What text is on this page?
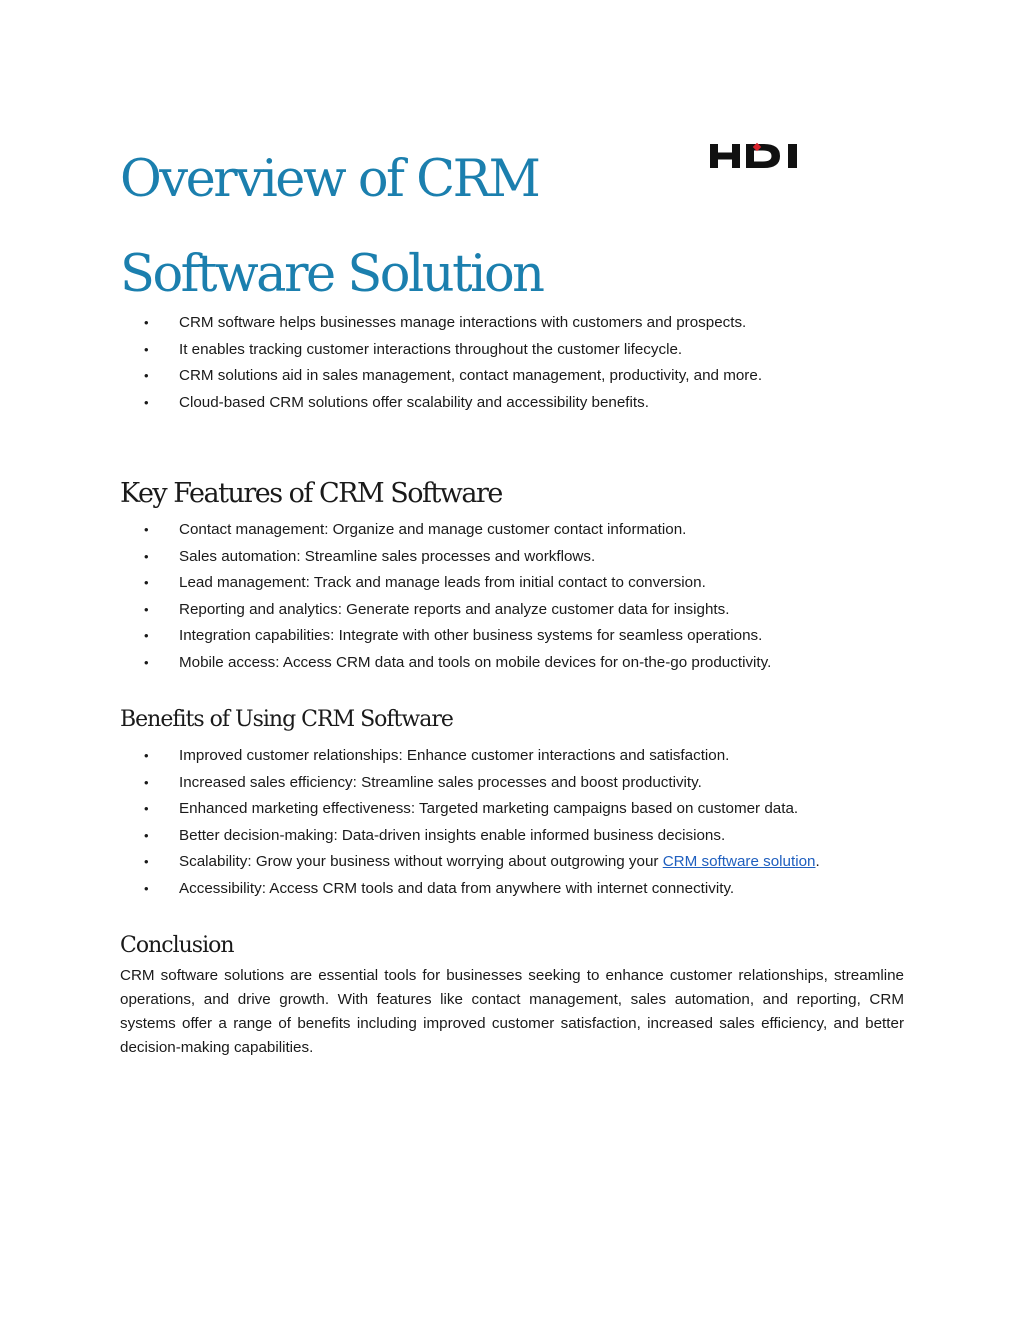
Overview of CRM
Software Solution
• CRM software helps businesses manage interactions with customers and prospects.
• It enables tracking customer interactions throughout the customer lifecycle.
• CRM solutions aid in sales management, contact management, productivity, and more.
• Cloud-based CRM solutions offer scalability and accessibility benefits.
Key Features of CRM Software
• Contact management: Organize and manage customer contact information.
• Sales automation: Streamline sales processes and workflows.
• Lead management: Track and manage leads from initial contact to conversion.
• Reporting and analytics: Generate reports and analyze customer data for insights.
• Integration capabilities: Integrate with other business systems for seamless operations.
• Mobile access: Access CRM data and tools on mobile devices for on-the-go productivity.
Benefits of Using CRM Software
• Improved customer relationships: Enhance customer interactions and satisfaction.
• Increased sales efficiency: Streamline sales processes and boost productivity.
• Enhanced marketing effectiveness: Targeted marketing campaigns based on customer data.
• Better decision-making: Data-driven insights enable informed business decisions.
• Scalability: Grow your business without worrying about outgrowing your CRM software solution.
• Accessibility: Access CRM tools and data from anywhere with internet connectivity.
Conclusion

CRM software solutions are essential tools for businesses seeking to enhance customer relationships, streamline operations, and drive growth. With features like contact management, sales automation, and reporting, CRM systems offer a range of benefits including improved customer satisfaction, increased sales efficiency, and better decision-making capabilities.
